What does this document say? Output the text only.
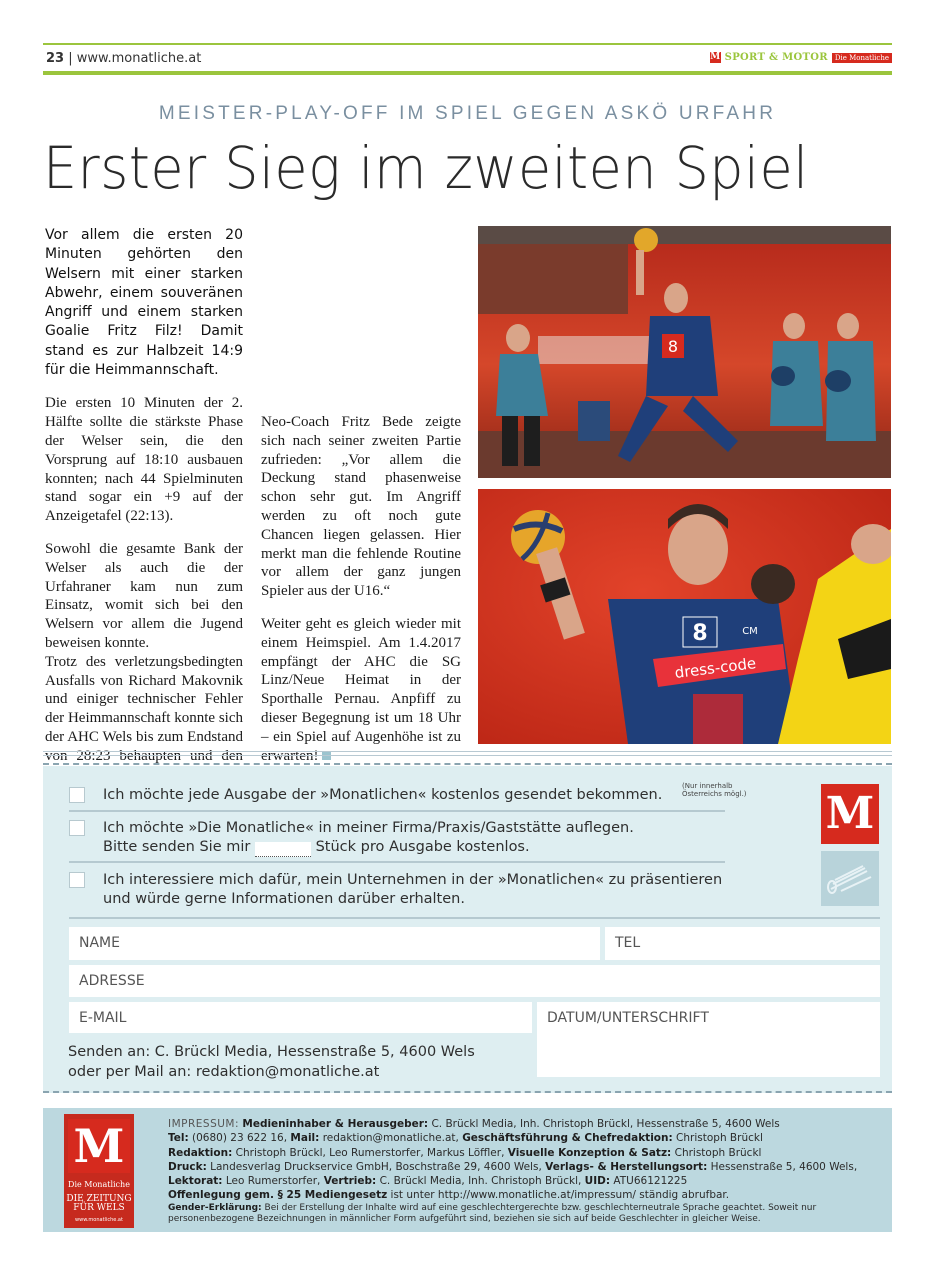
23 | www.monatliche.at	M SPORT & MOTOR	Die Monatliche
MEISTER-PLAY-OFF IM SPIEL GEGEN ASKÖ URFAHR
Erster Sieg im zweiten Spiel

Vor allem die ersten 20 Minuten gehörten den Welsern mit einer starken Abwehr, einem souveränen Angriff und einem starken Goalie Fritz Filz! Damit stand es zur Halbzeit 14:9 für die Heimmannschaft.

Die ersten 10 Minuten der 2. Hälfte sollte die stärkste Phase der Welser sein, die den Vorsprung auf 18:10 ausbauen konnten; nach 44 Spielminuten stand sogar ein +9 auf der Anzeigetafel (22:13).

Sowohl die gesamte Bank der Welser als auch die der Urfahraner kam nun zum Einsatz, womit sich bei den Welsern vor allem die Jugend beweisen konnte.

Trotz des verletzungsbedingten Ausfalls von Richard Makovnik und einiger technischer Fehler der Heimmannschaft konnte sich der AHC Wels bis zum Endstand von 28:23 behaupten und den

Neo-Coach Fritz Bede zeigte sich nach seiner zweiten Partie zufrieden: „Vor allem die Deckung stand phasenweise schon sehr gut. Im Angriff werden zu oft noch gute Chancen liegen gelassen. Hier merkt man die fehlende Routine vor allem der ganz jungen Spieler aus der U16.“

Weiter geht es gleich wieder mit einem Heimspiel. Am 1.4.2017 empfängt der AHC die SG Linz/Neue Heimat in der Sporthalle Pernau. Anpfiff zu dieser Begegnung ist um 18 Uhr – ein Spiel auf Augenhöhe ist zu erwarten!

8
dress-code
8	CM
Ich möchte jede Ausgabe der »Monatlichen« kostenlos gesendet bekommen.
(Nur innerhalb Österreichs mögl.)
Ich möchte »Die Monatliche« in meiner Firma/Praxis/Gaststätte auflegen.
Bitte senden Sie mir	Stück pro Ausgabe kostenlos.
Ich interessiere mich dafür, mein Unternehmen in der »Monatlichen« zu präsentieren
und würde gerne Informationen darüber erhalten.
M
NAME	TEL
ADRESSE
E-MAIL	DATUM/UNTERSCHRIFT
Senden an: C. Brückl Media, Hessenstraße 5, 4600 Wels
oder per Mail an: redaktion@monatliche.at
M
Die Monatliche
DIE ZEITUNG
FÜR WELS
www.monatliche.at
IMPRESSUM: Medieninhaber & Herausgeber: C. Brückl Media, Inh. Christoph Brückl, Hessenstraße 5, 4600 Wels
Tel: (0680) 23 622 16, Mail: redaktion@monatliche.at, Geschäftsführung & Chefredaktion: Christoph Brückl
Redaktion: Christoph Brückl, Leo Rumerstorfer, Markus Löffler, Visuelle Konzeption & Satz: Christoph Brückl
Druck: Landesverlag Druckservice GmbH, Boschstraße 29, 4600 Wels, Verlags- & Herstellungsort: Hessenstraße 5, 4600 Wels,
Lektorat: Leo Rumerstorfer, Vertrieb: C. Brückl Media, Inh. Christoph Brückl, UID: ATU66121225
Offenlegung gem. § 25 Mediengesetz ist unter http://www.monatliche.at/impressum/ ständig abrufbar.
Gender-Erklärung: Bei der Erstellung der Inhalte wird auf eine geschlechtergerechte bzw. geschlechterneutrale Sprache geachtet. Soweit nur personenbezogene Bezeichnungen in männlicher Form aufgeführt sind, beziehen sie sich auf beide Geschlechter in gleicher Weise.
